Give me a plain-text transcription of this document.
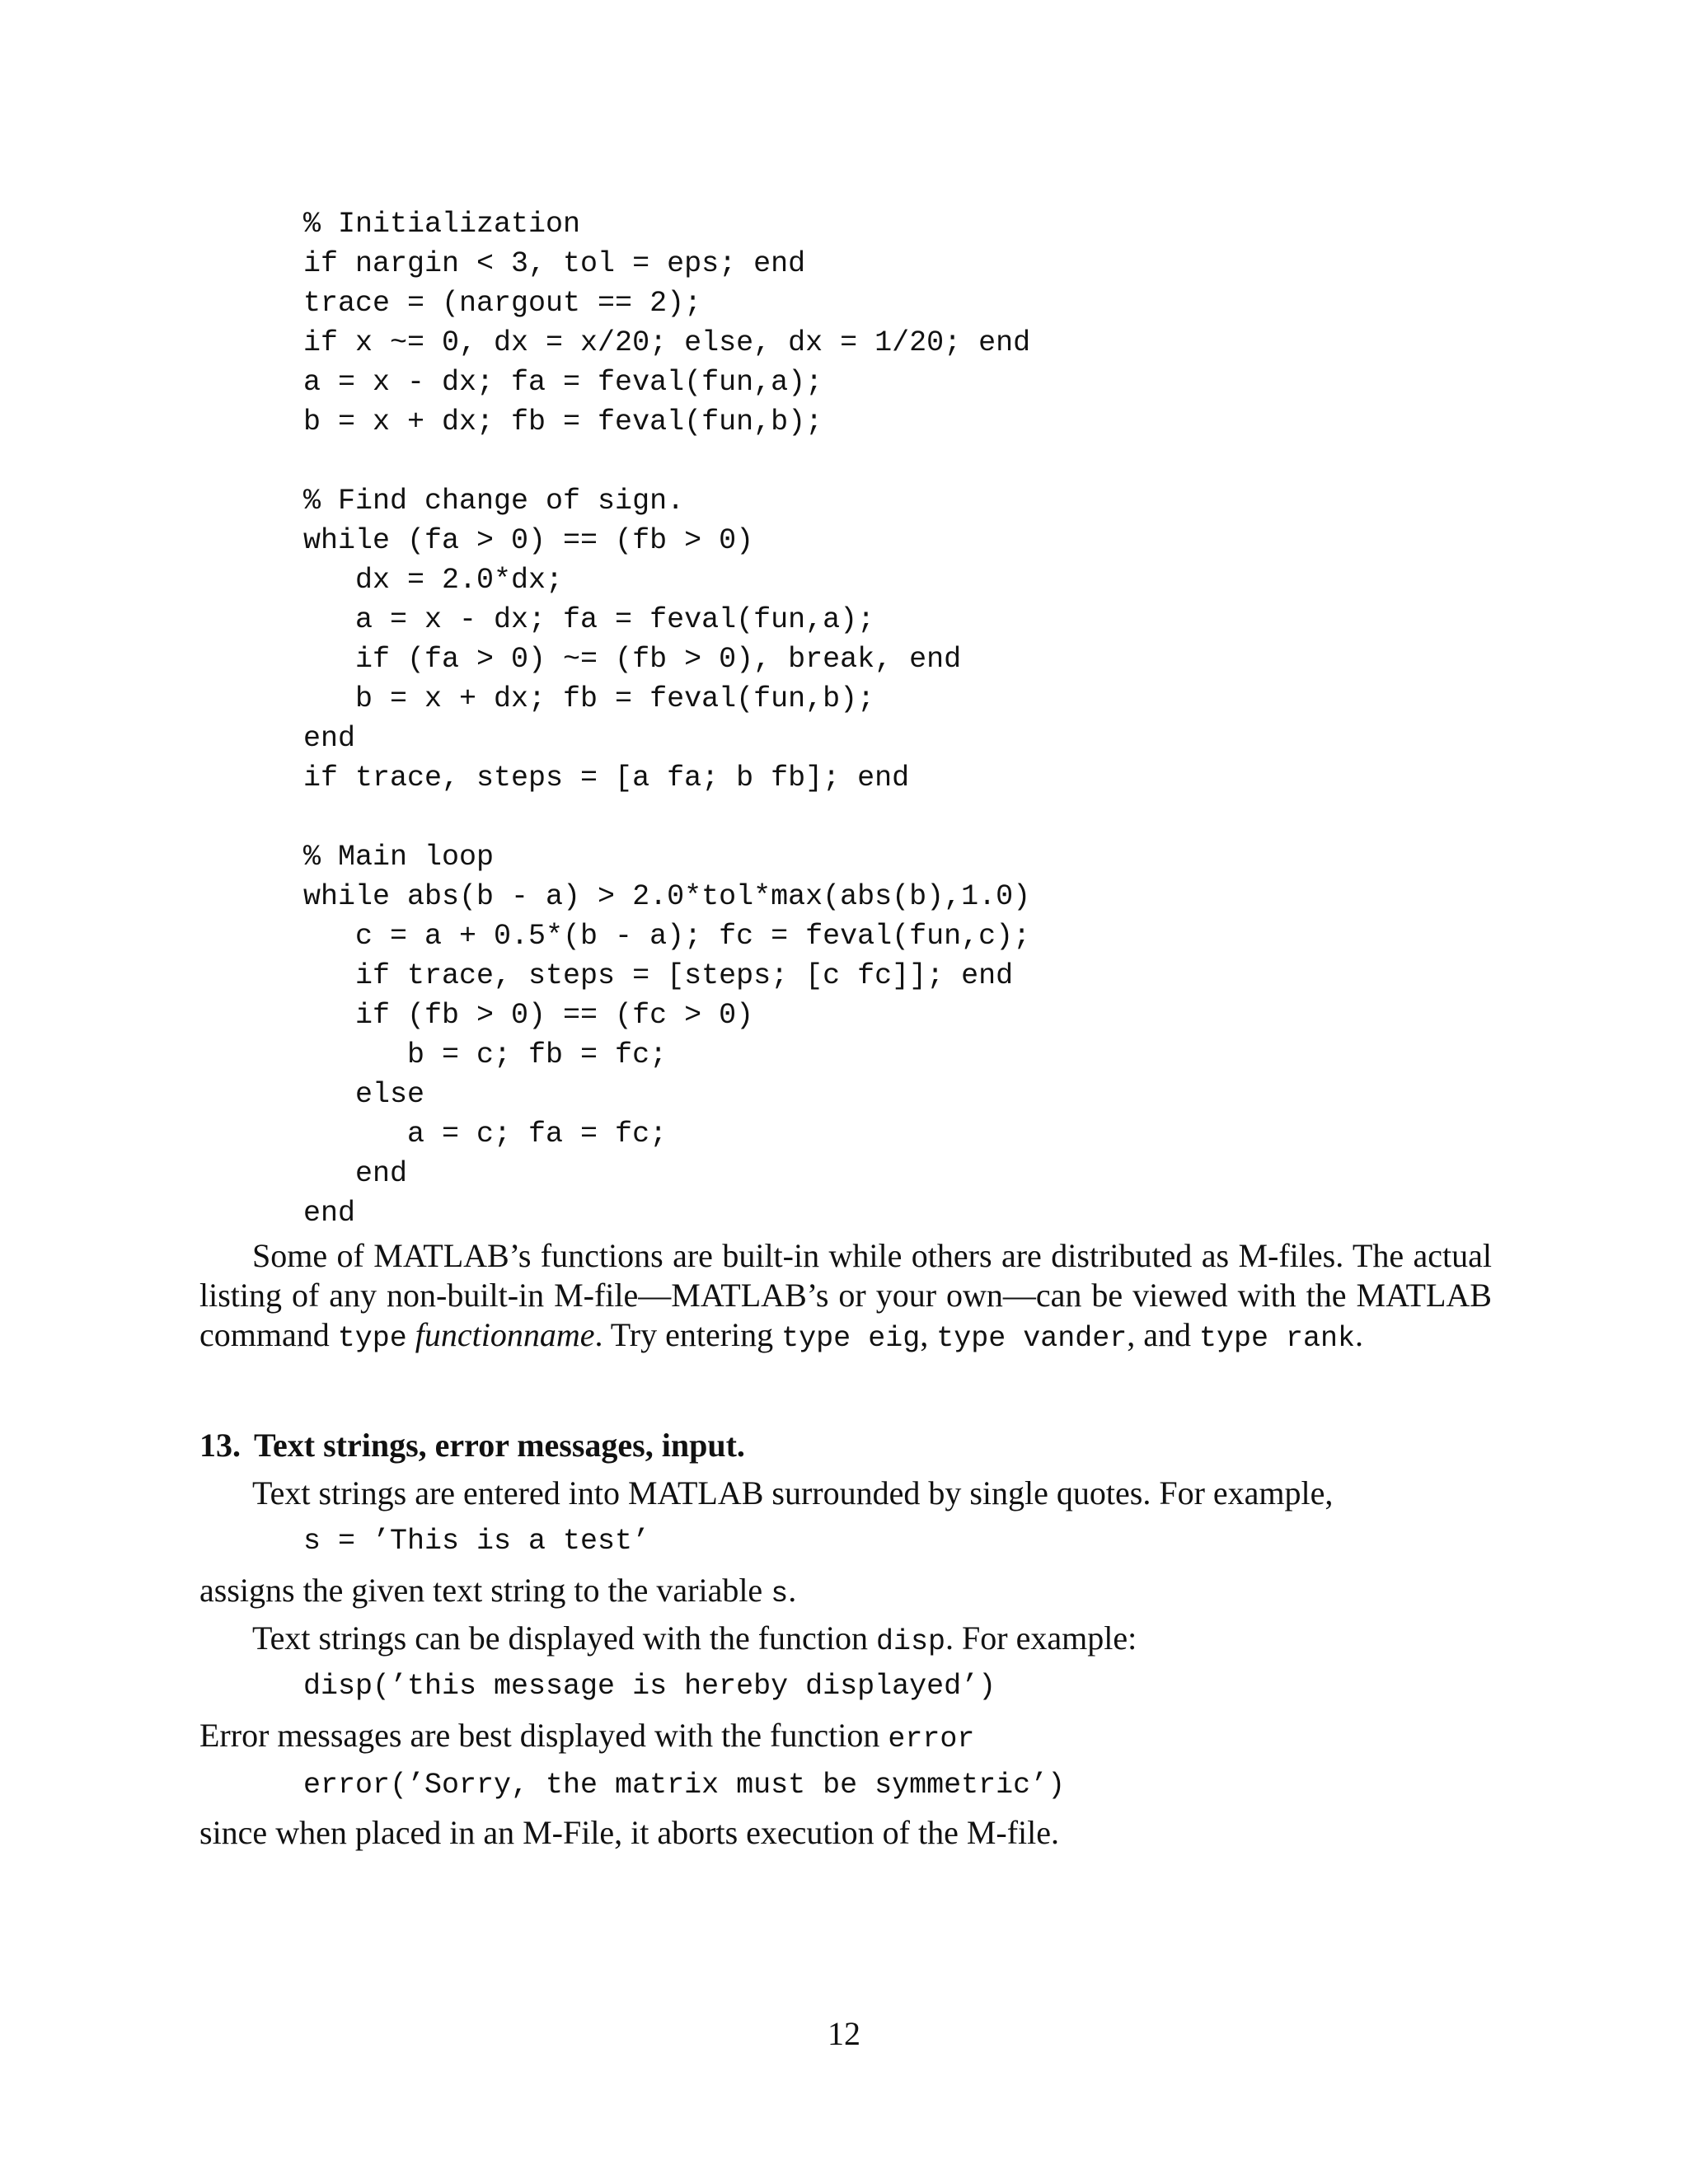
% Initialization
if nargin < 3, tol = eps; end
trace = (nargout == 2);
if x ~= 0, dx = x/20; else, dx = 1/20; end
a = x - dx; fa = feval(fun,a);
b = x + dx; fb = feval(fun,b);
% Find change of sign.
while (fa > 0) == (fb > 0)
dx = 2.0*dx;
a = x - dx; fa = feval(fun,a);
if (fa > 0) ~= (fb > 0), break, end
b = x + dx; fb = feval(fun,b);
end
if trace, steps = [a fa; b fb]; end
% Main loop
while abs(b - a) > 2.0*tol*max(abs(b),1.0)
c = a + 0.5*(b - a); fc = feval(fun,c);
if trace, steps = [steps; [c fc]]; end
if (fb > 0) == (fc > 0)
b = c; fb = fc;
else
a = c; fa = fc;
end
end

Some of MATLAB’s functions are built-in while others are distributed as M-files. The actual listing of any non-built-in M-file—MATLAB’s or your own—can be viewed with the MATLAB command type functionname. Try entering type eig, type vander, and type rank.

13. Text strings, error messages, input.
Text strings are entered into MATLAB surrounded by single quotes. For example,
s = ’This is a test’
assigns the given text string to the variable s.
Text strings can be displayed with the function disp. For example:
disp(’this message is hereby displayed’)
Error messages are best displayed with the function error
error(’Sorry, the matrix must be symmetric’)
since when placed in an M-File, it aborts execution of the M-file.
12
